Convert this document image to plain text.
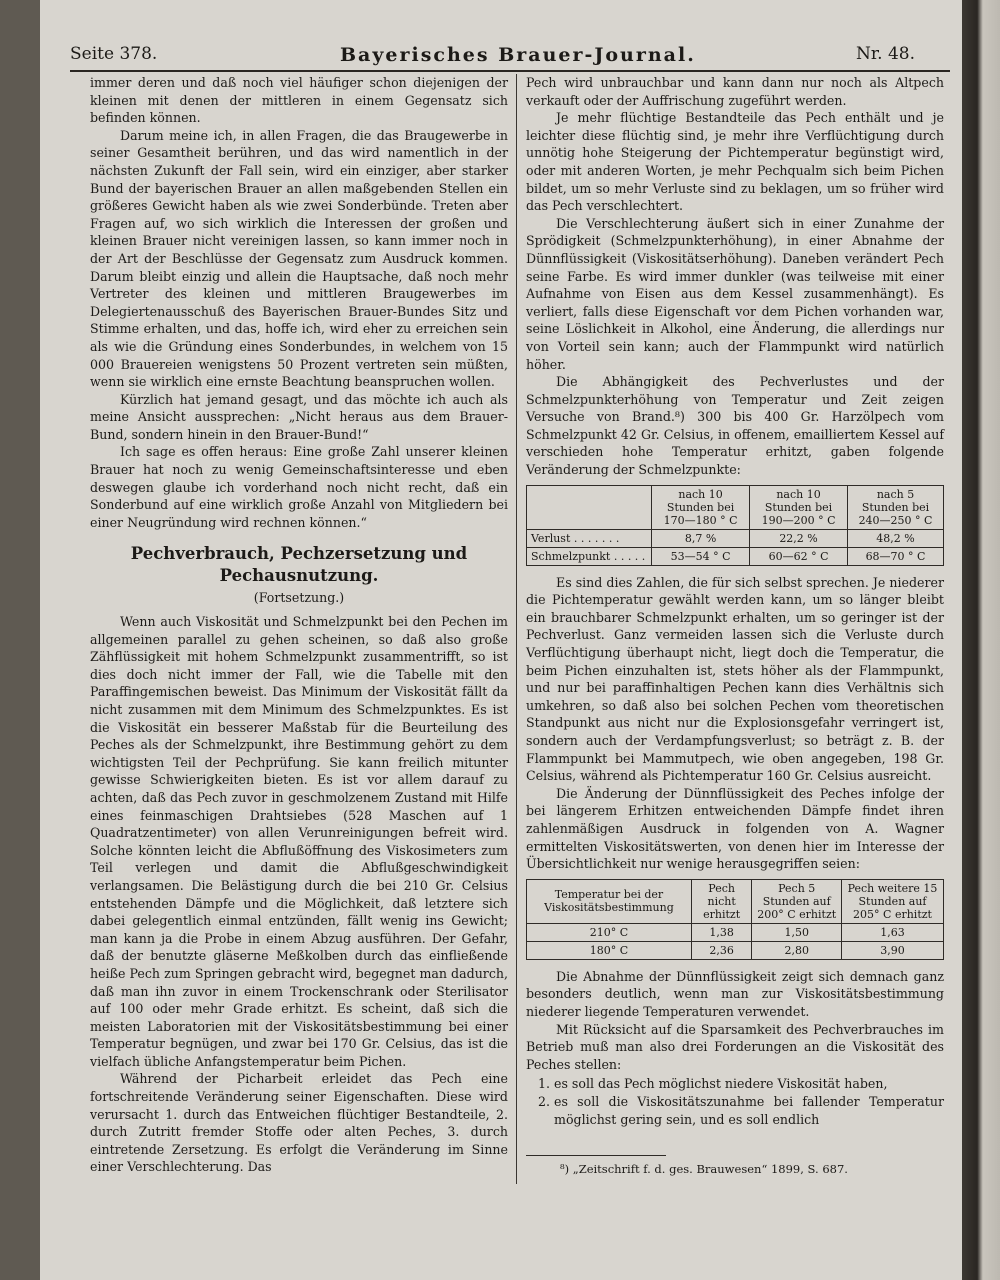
Seite 378.	Bayerisches Brauer-Journal.	Nr. 48.

immer deren und daß noch viel häufiger schon diejenigen der kleinen mit denen der mittleren in einem Gegensatz sich befinden können.

Darum meine ich, in allen Fragen, die das Braugewerbe in seiner Gesamtheit berühren, und das wird namentlich in der nächsten Zukunft der Fall sein, wird ein einziger, aber starker Bund der bayerischen Brauer an allen maßgebenden Stellen ein größeres Gewicht haben als wie zwei Sonderbünde. Treten aber Fragen auf, wo sich wirklich die Interessen der großen und kleinen Brauer nicht vereinigen lassen, so kann immer noch in der Art der Beschlüsse der Gegensatz zum Ausdruck kommen. Darum bleibt einzig und allein die Hauptsache, daß noch mehr Vertreter des kleinen und mittleren Braugewerbes im Delegiertenausschuß des Bayerischen Brauer-Bundes Sitz und Stimme erhalten, und das, hoffe ich, wird eher zu erreichen sein als wie die Gründung eines Sonderbundes, in welchem von 15 000 Brauereien wenigstens 50 Prozent vertreten sein müßten, wenn sie wirklich eine ernste Beachtung beanspruchen wollen.

Kürzlich hat jemand gesagt, und das möchte ich auch als meine Ansicht aussprechen: „Nicht heraus aus dem Brauer-Bund, sondern hinein in den Brauer-Bund!“

Ich sage es offen heraus: Eine große Zahl unserer kleinen Brauer hat noch zu wenig Gemeinschaftsinteresse und eben deswegen glaube ich vorderhand noch nicht recht, daß ein Sonderbund auf eine wirklich große Anzahl von Mitgliedern bei einer Neugründung wird rechnen können.“

Pechverbrauch, Pechzersetzung und Pechausnutzung.
(Fortsetzung.)

Wenn auch Viskosität und Schmelzpunkt bei den Pechen im allgemeinen parallel zu gehen scheinen, so daß also große Zähflüssigkeit mit hohem Schmelzpunkt zusammentrifft, so ist dies doch nicht immer der Fall, wie die Tabelle mit den Paraffingemischen beweist. Das Minimum der Viskosität fällt da nicht zusammen mit dem Minimum des Schmelzpunktes. Es ist die Viskosität ein besserer Maßstab für die Beurteilung des Peches als der Schmelzpunkt, ihre Bestimmung gehört zu dem wichtigsten Teil der Pechprüfung. Sie kann freilich mitunter gewisse Schwierigkeiten bieten. Es ist vor allem darauf zu achten, daß das Pech zuvor in geschmolzenem Zustand mit Hilfe eines feinmaschigen Drahtsiebes (528 Maschen auf 1 Quadratzentimeter) von allen Verunreinigungen befreit wird. Solche könnten leicht die Abflußöffnung des Viskosimeters zum Teil verlegen und damit die Abflußgeschwindigkeit verlangsamen. Die Belästigung durch die bei 210 Gr. Celsius entstehenden Dämpfe und die Möglichkeit, daß letztere sich dabei gelegentlich einmal entzünden, fällt wenig ins Gewicht; man kann ja die Probe in einem Abzug ausführen. Der Gefahr, daß der benutzte gläserne Meßkolben durch das einfließende heiße Pech zum Springen gebracht wird, begegnet man dadurch, daß man ihn zuvor in einem Trockenschrank oder Sterilisator auf 100 oder mehr Grade erhitzt. Es scheint, daß sich die meisten Laboratorien mit der Viskositätsbestimmung bei einer Temperatur begnügen, und zwar bei 170 Gr. Celsius, das ist die vielfach übliche Anfangstemperatur beim Pichen.

Während der Picharbeit erleidet das Pech eine fortschreitende Veränderung seiner Eigenschaften. Diese wird verursacht 1. durch das Entweichen flüchtiger Bestandteile, 2. durch Zutritt fremder Stoffe oder alten Peches, 3. durch eintretende Zersetzung. Es erfolgt die Veränderung im Sinne einer Verschlechterung. Das

Pech wird unbrauchbar und kann dann nur noch als Altpech verkauft oder der Auffrischung zugeführt werden.

Je mehr flüchtige Bestandteile das Pech enthält und je leichter diese flüchtig sind, je mehr ihre Verflüchtigung durch unnötig hohe Steigerung der Pichtemperatur begünstigt wird, oder mit anderen Worten, je mehr Pechqualm sich beim Pichen bildet, um so mehr Verluste sind zu beklagen, um so früher wird das Pech verschlechtert.

Die Verschlechterung äußert sich in einer Zunahme der Sprödigkeit (Schmelzpunkterhöhung), in einer Abnahme der Dünnflüssigkeit (Viskositätserhöhung). Daneben verändert Pech seine Farbe. Es wird immer dunkler (was teilweise mit einer Aufnahme von Eisen aus dem Kessel zusammenhängt). Es verliert, falls diese Eigenschaft vor dem Pichen vorhanden war, seine Löslichkeit in Alkohol, eine Änderung, die allerdings nur von Vorteil sein kann; auch der Flammpunkt wird natürlich höher.

Die Abhängigkeit des Pechverlustes und der Schmelzpunkterhöhung von Temperatur und Zeit zeigen Versuche von Brand.⁸) 300 bis 400 Gr. Harzölpech vom Schmelzpunkt 42 Gr. Celsius, in offenem, emailliertem Kessel auf verschieden hohe Temperatur erhitzt, gaben folgende Veränderung der Schmelzpunkte:

	nach 10 Stunden bei 170—180 ° C	nach 10 Stunden bei 190—200 ° C	nach 5 Stunden bei 240—250 ° C
Verlust . . . . . . .	8,7 %	22,2 %	48,2 %
Schmelzpunkt . . . . .	53—54 ° C	60—62 ° C	68—70 ° C

Es sind dies Zahlen, die für sich selbst sprechen. Je niederer die Pichtemperatur gewählt werden kann, um so länger bleibt ein brauchbarer Schmelzpunkt erhalten, um so geringer ist der Pechverlust. Ganz vermeiden lassen sich die Verluste durch Verflüchtigung überhaupt nicht, liegt doch die Temperatur, die beim Pichen einzuhalten ist, stets höher als der Flammpunkt, und nur bei paraffinhaltigen Pechen kann dies Verhältnis sich umkehren, so daß also bei solchen Pechen vom theoretischen Standpunkt aus nicht nur die Explosionsgefahr verringert ist, sondern auch der Verdampfungsverlust; so beträgt z. B. der Flammpunkt bei Mammutpech, wie oben angegeben, 198 Gr. Celsius, während als Pichtemperatur 160 Gr. Celsius ausreicht.

Die Änderung der Dünnflüssigkeit des Peches infolge der bei längerem Erhitzen entweichenden Dämpfe findet ihren zahlenmäßigen Ausdruck in folgenden von A. Wagner ermittelten Viskositätswerten, von denen hier im Interesse der Übersichtlichkeit nur wenige herausgegriffen seien:

Temperatur bei der Viskositätsbestimmung	Pech nicht erhitzt	Pech 5 Stunden auf 200° C erhitzt	Pech weitere 15 Stunden auf 205° C erhitzt
210° C	1,38	1,50	1,63
180° C	2,36	2,80	3,90

Die Abnahme der Dünnflüssigkeit zeigt sich demnach ganz besonders deutlich, wenn man zur Viskositätsbestimmung niederer liegende Temperaturen verwendet.

Mit Rücksicht auf die Sparsamkeit des Pechverbrauches im Betrieb muß man also drei Forderungen an die Viskosität des Peches stellen:

1. es soll das Pech möglichst niedere Viskosität haben,
2. es soll die Viskositätszunahme bei fallender Temperatur möglichst gering sein, und es soll endlich
⁸) „Zeitschrift f. d. ges. Brauwesen“ 1899, S. 687.
